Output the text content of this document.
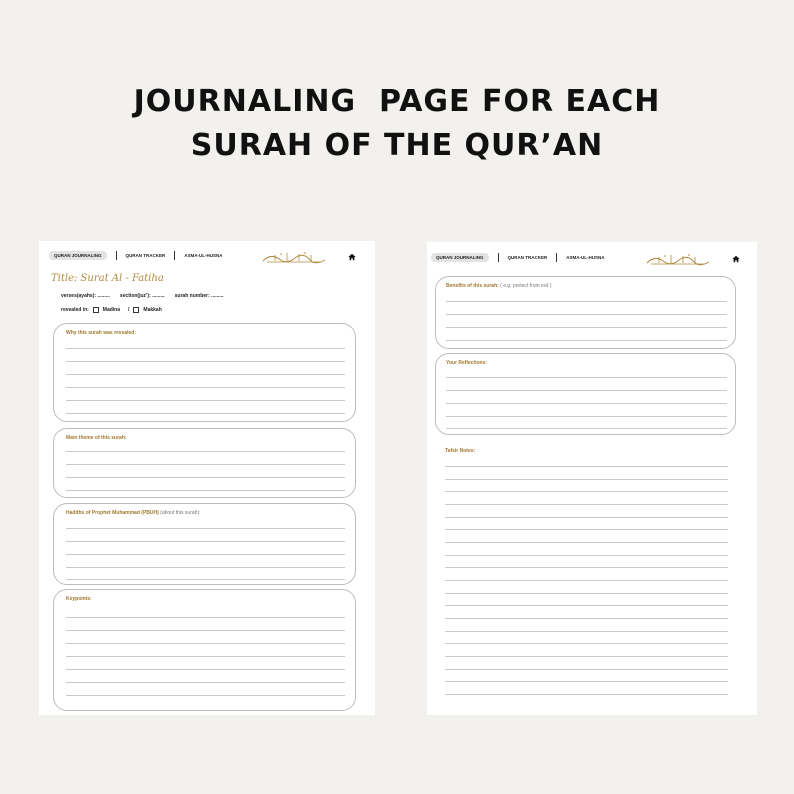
JOURNALING  PAGE FOR EACH
SURAH OF THE QUR’AN
QURAN JOURNALING	QURAN TRACKER	ASMA-UL-HUSNA
Title: Surat Al - Fatiha
verses(ayahs): ......... section(juz’): ......... surah number: .........
revealed in:	Madina /	Makkah
Why this surah was revealed:
Main theme of this surah:
Hadiths of Prophet Muhammad (PBUH) (about this surah):
Keypoints:
QURAN JOURNALING	QURAN TRACKER	ASMA-UL-HUSNA
Benefits of this surah: ( e.g. protect from evil )
Your Reflections:
Tafsir Notes:
